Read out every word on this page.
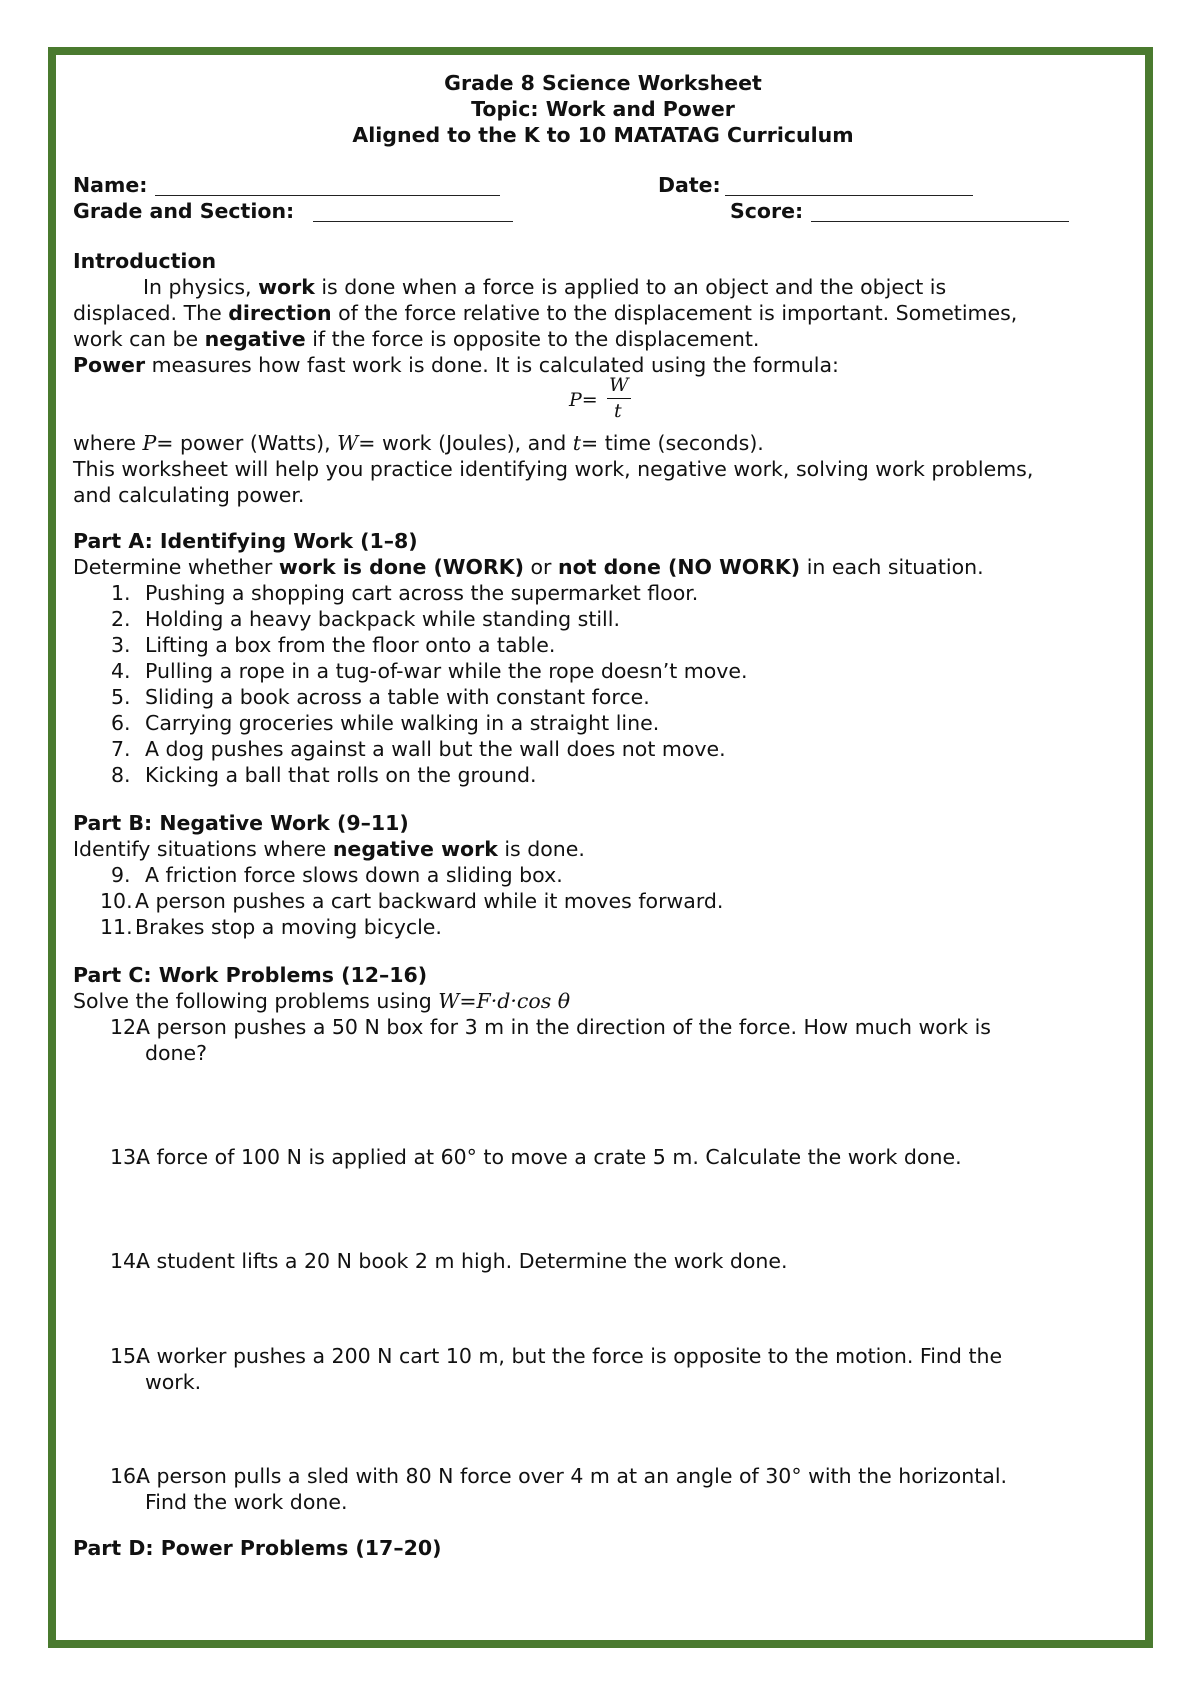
Grade 8 Science Worksheet
Topic: Work and Power
Aligned to the K to 10 MATATAG Curriculum
Name:	Date:
Grade and Section:	Score:
Introduction
In physics, work is done when a force is applied to an object and the object is
displaced. The direction of the force relative to the displacement is important. Sometimes,
work can be negative if the force is opposite to the displacement.
Power measures how fast work is done. It is calculated using the formula:
P=
W
t
where P= power (Watts), W= work (Joules), and t= time (seconds).
This worksheet will help you practice identifying work, negative work, solving work problems,
and calculating power.
Part A: Identifying Work (1–8)
Determine whether work is done (WORK) or not done (NO WORK) in each situation.
1. Pushing a shopping cart across the supermarket floor.
2. Holding a heavy backpack while standing still.
3. Lifting a box from the floor onto a table.
4. Pulling a rope in a tug-of-war while the rope doesn’t move.
5. Sliding a book across a table with constant force.
6. Carrying groceries while walking in a straight line.
7. A dog pushes against a wall but the wall does not move.
8. Kicking a ball that rolls on the ground.
Part B: Negative Work (9–11)
Identify situations where negative work is done.
9. A friction force slows down a sliding box.
10. A person pushes a cart backward while it moves forward.
11. Brakes stop a moving bicycle.
Part C: Work Problems (12–16)
Solve the following problems using W=F·d·cos θ
12.
A person pushes a 50 N box for 3 m in the direction of the force. How much work is
done?
13.
A force of 100 N is applied at 60° to move a crate 5 m. Calculate the work done.
14.
A student lifts a 20 N book 2 m high. Determine the work done.
15.
A worker pushes a 200 N cart 10 m, but the force is opposite to the motion. Find the
work.
16.
A person pulls a sled with 80 N force over 4 m at an angle of 30° with the horizontal.
Find the work done.
Part D: Power Problems (17–20)
